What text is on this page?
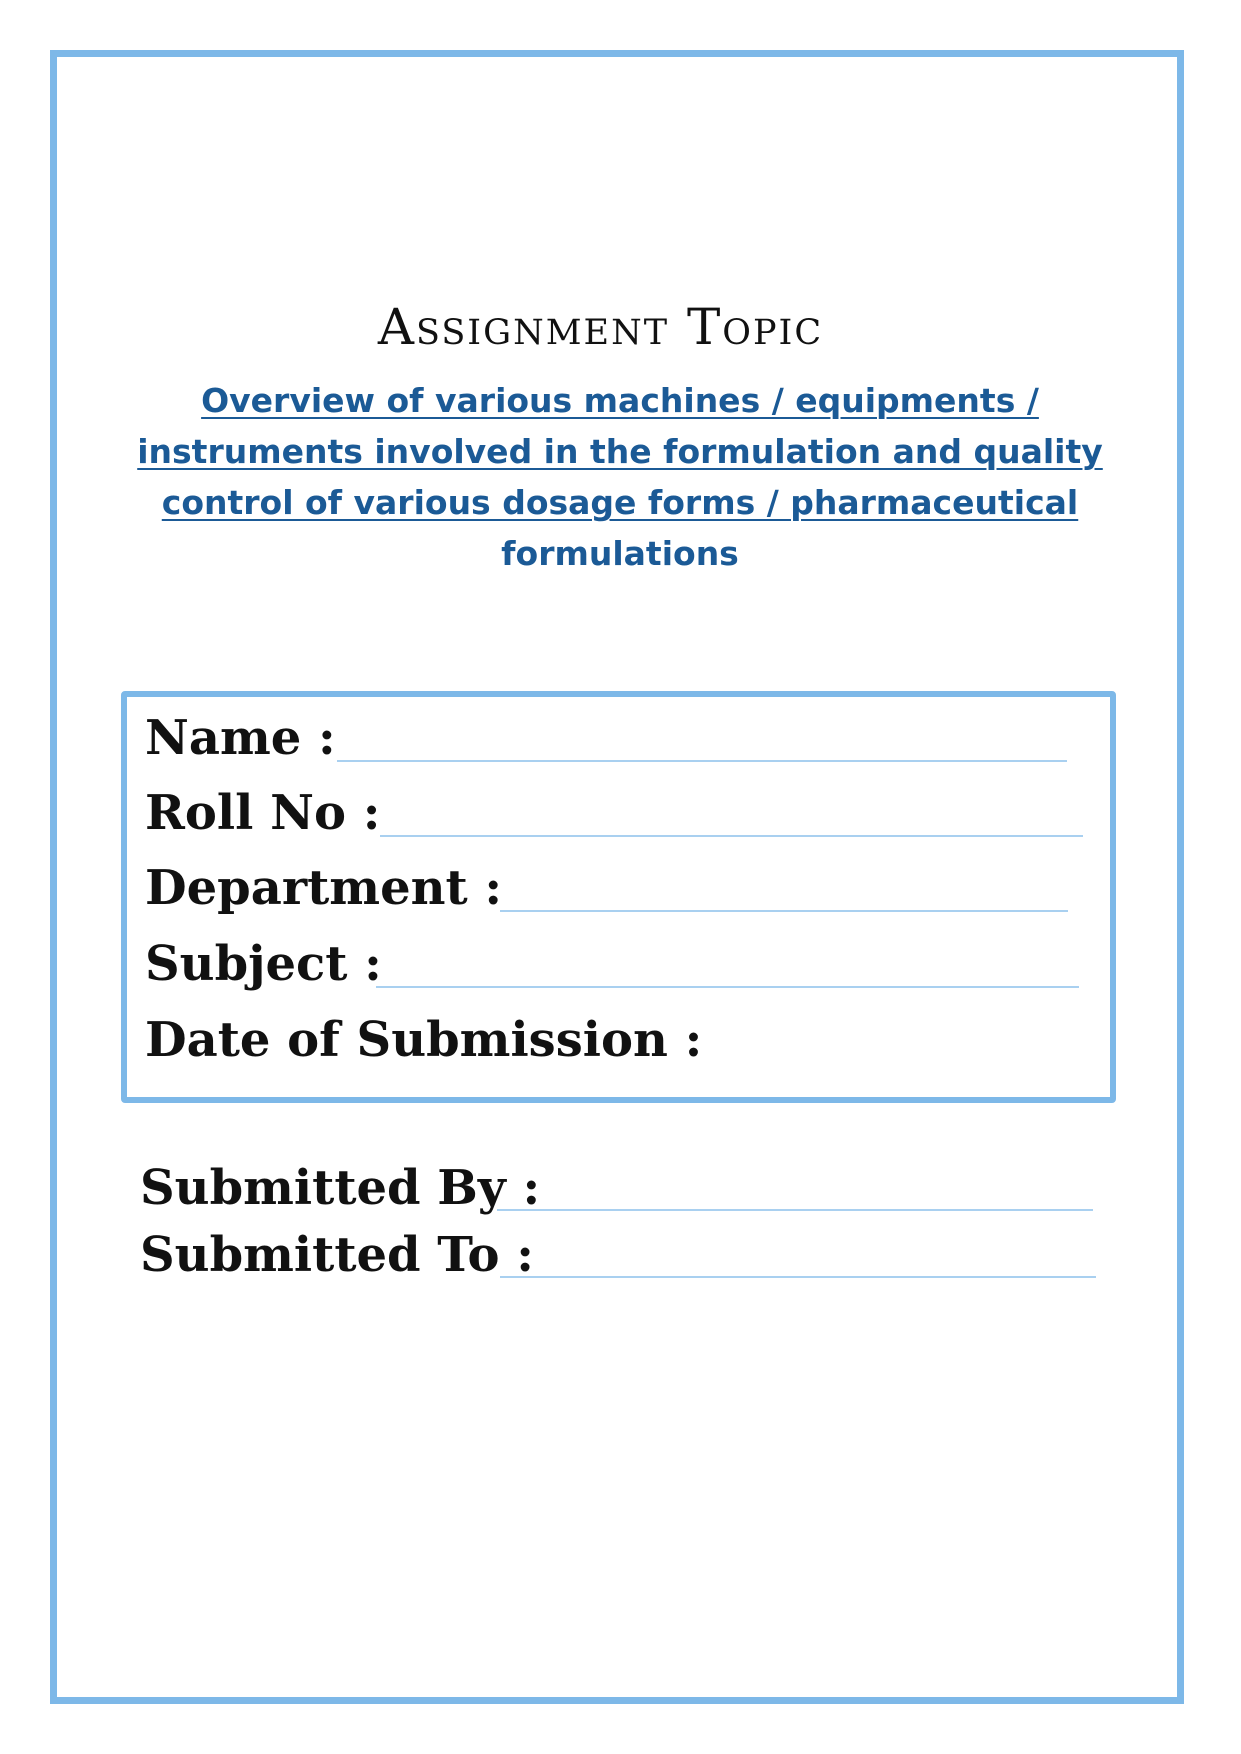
Assignment Topic
Overview of various machines / equipments /
instruments involved in the formulation and quality
control of various dosage forms / pharmaceutical
formulations
Name :
Roll No :
Department :
Subject :
Date of Submission :
Submitted By :
Submitted To :
